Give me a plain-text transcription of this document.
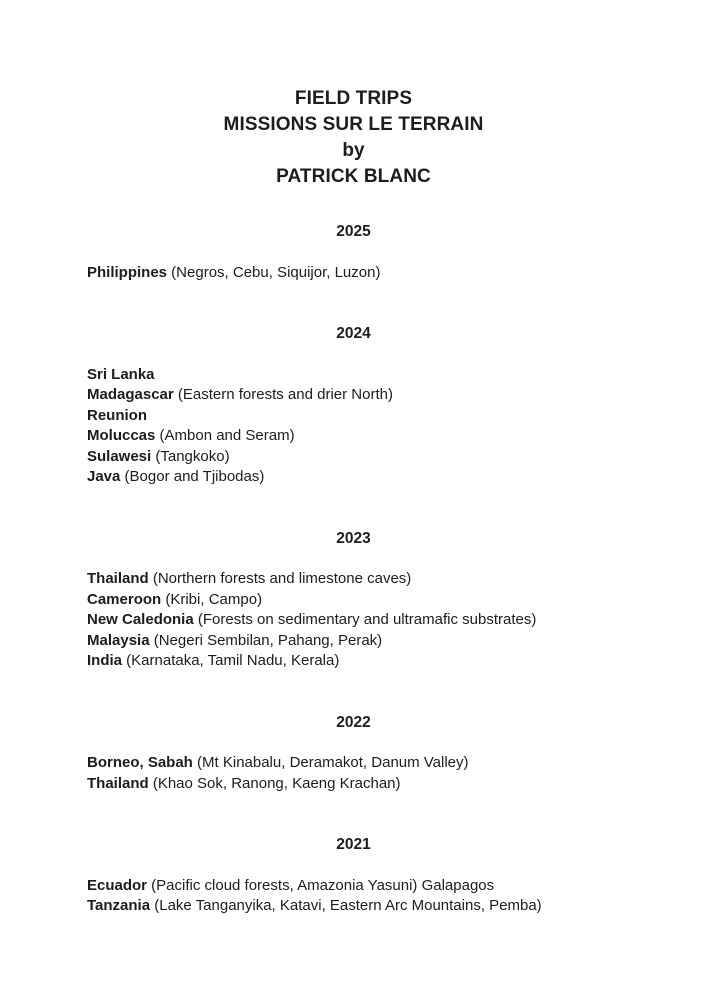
FIELD TRIPS
MISSIONS SUR LE TERRAIN
by
PATRICK BLANC
2025
Philippines (Negros, Cebu, Siquijor, Luzon)
2024
Sri Lanka
Madagascar (Eastern forests and drier North)
Reunion
Moluccas (Ambon and Seram)
Sulawesi (Tangkoko)
Java (Bogor and Tjibodas)
2023
Thailand (Northern forests and limestone caves)
Cameroon (Kribi, Campo)
New Caledonia (Forests on sedimentary and ultramafic substrates)
Malaysia (Negeri Sembilan, Pahang, Perak)
India (Karnataka, Tamil Nadu, Kerala)
2022
Borneo, Sabah (Mt Kinabalu, Deramakot, Danum Valley)
Thailand (Khao Sok, Ranong, Kaeng Krachan)
2021
Ecuador (Pacific cloud forests, Amazonia Yasuni) Galapagos
Tanzania (Lake Tanganyika, Katavi, Eastern Arc Mountains, Pemba)
